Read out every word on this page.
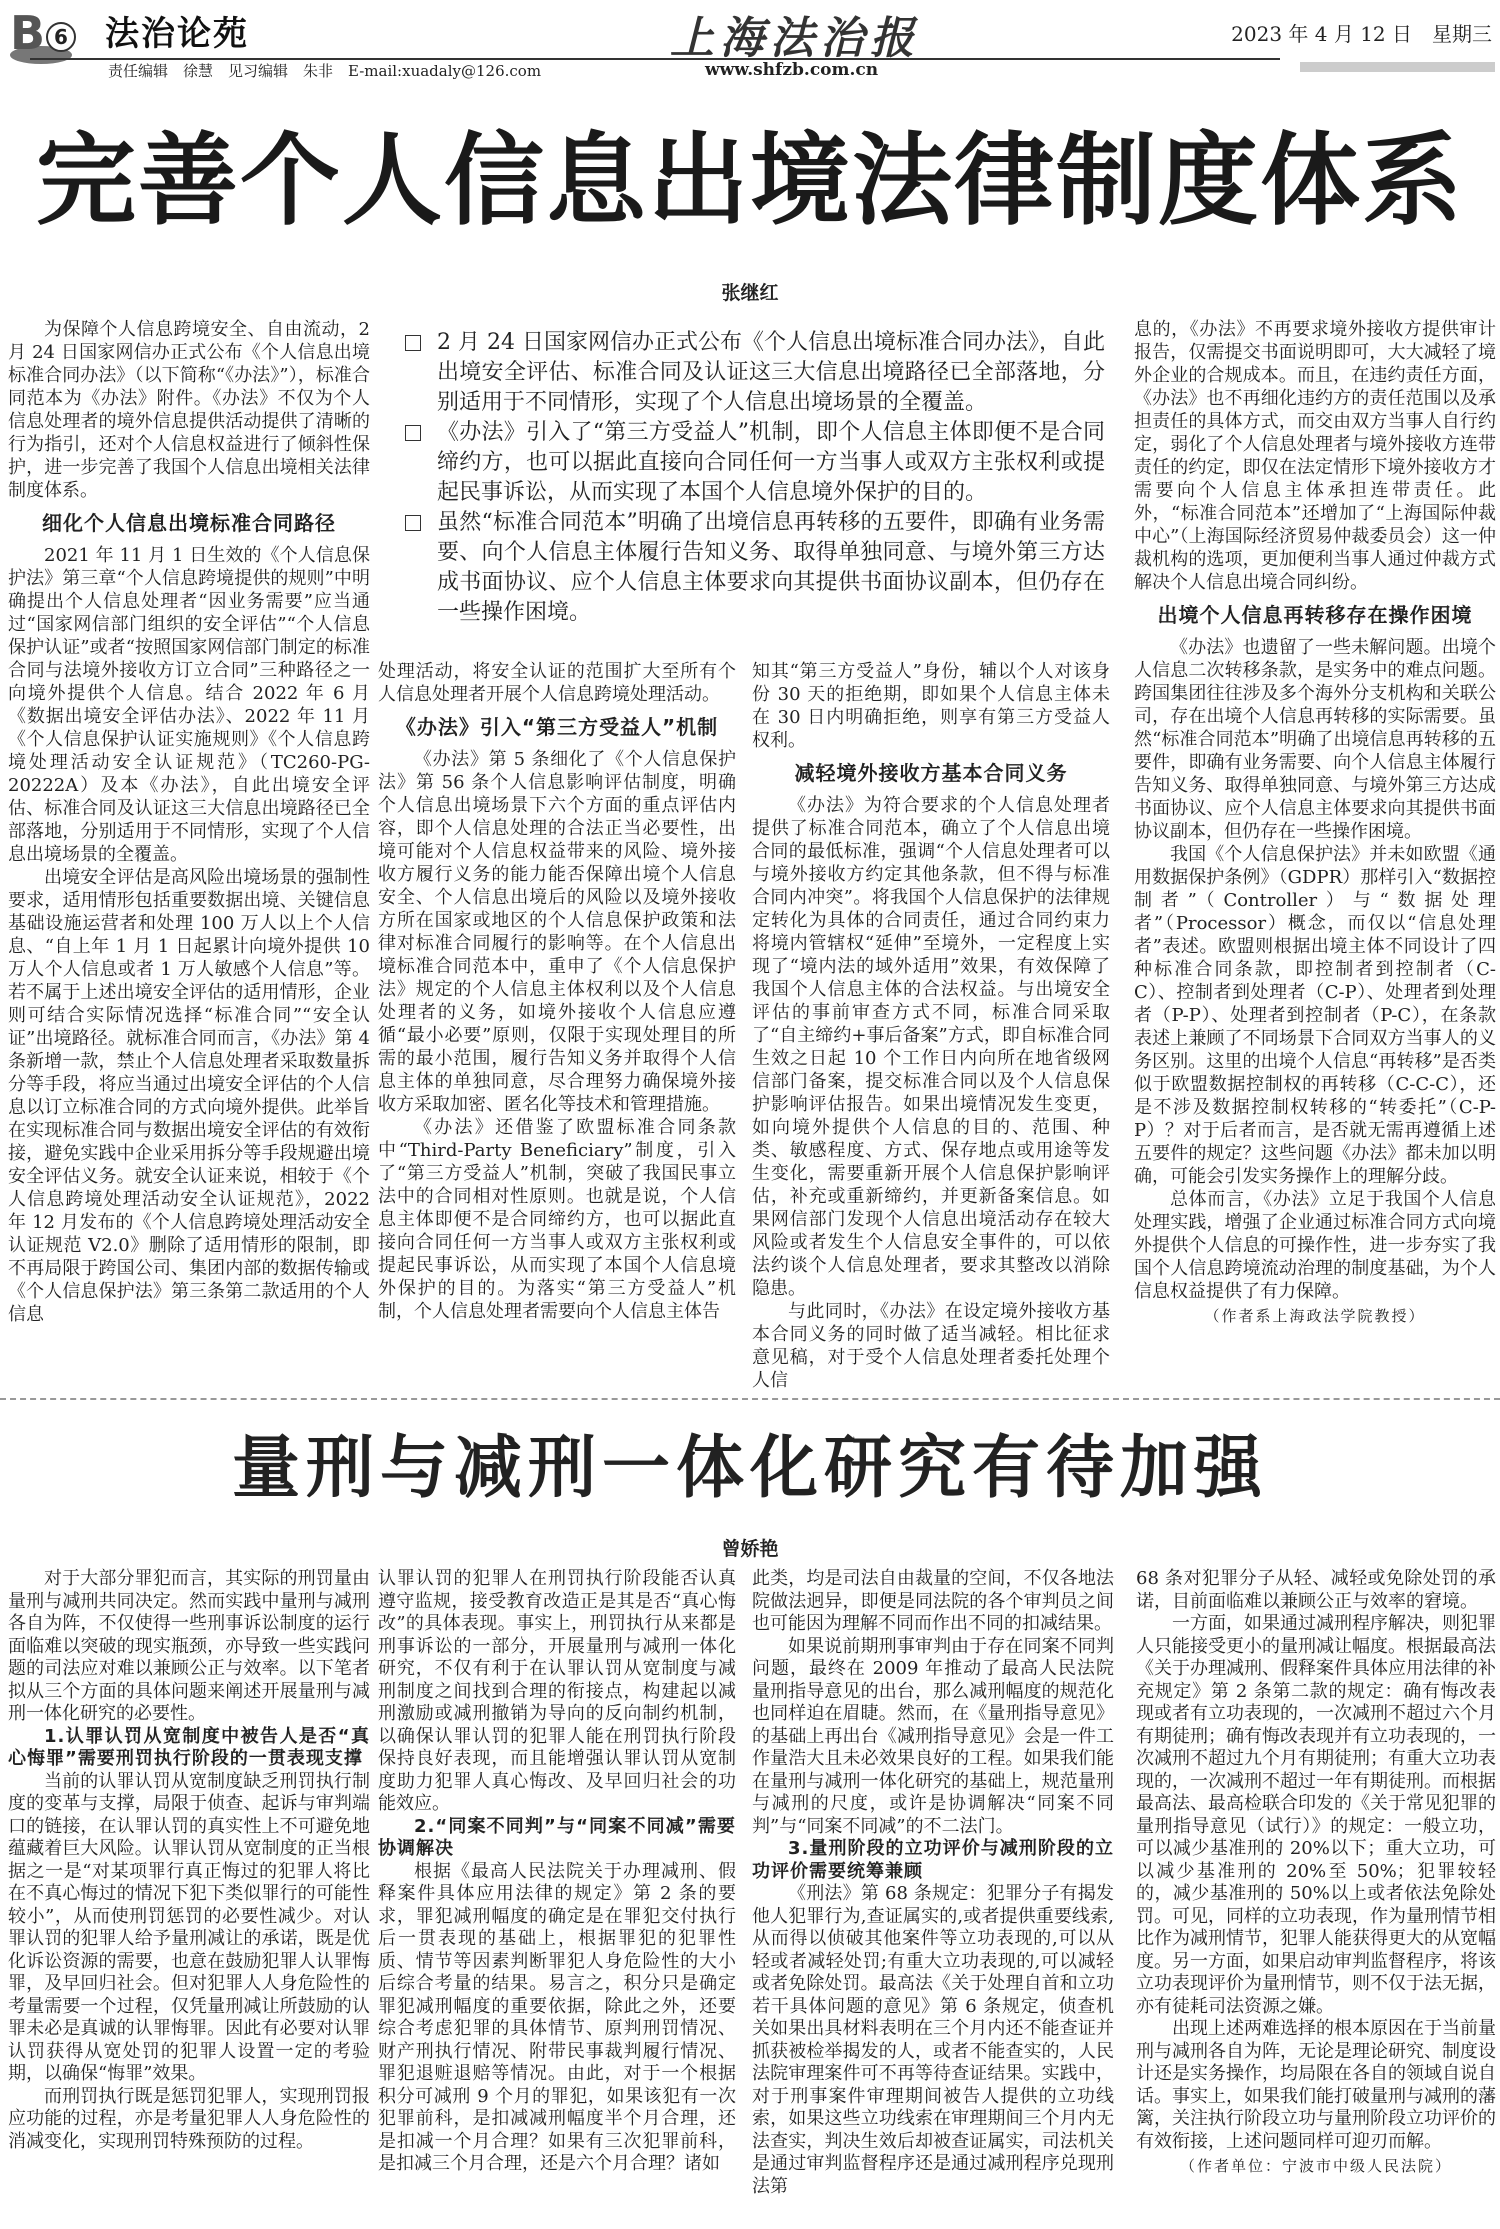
B 6 法治论苑	上海法治报	2023 年 4 月 12 日　星期三
责任编辑　徐慧　见习编辑　朱非　E-mail:xuadaly@126.com	www.shfzb.com.cn
完善个人信息出境法律制度体系
张继红

为保障个人信息跨境安全、自由流动，2 月 24 日国家网信办正式公布《个人信息出境标准合同办法》（以下简称“《办法》”），标准合同范本为《办法》附件。《办法》不仅为个人信息处理者的境外信息提供活动提供了清晰的行为指引，还对个人信息权益进行了倾斜性保护，进一步完善了我国个人信息出境相关法律制度体系。

细化个人信息出境标准合同路径

2021 年 11 月 1 日生效的《个人信息保护法》第三章“个人信息跨境提供的规则”中明确提出个人信息处理者“因业务需要”应当通过“国家网信部门组织的安全评估”“个人信息保护认证”或者“按照国家网信部门制定的标准合同与法境外接收方订立合同”三种路径之一向境外提供个人信息。结合 2022 年 6 月《数据出境安全评估办法》、2022 年 11 月《个人信息保护认证实施规则》《个人信息跨境处理活动安全认证规范》（TC260-PG-20222A）及本《办法》，自此出境安全评估、标准合同及认证这三大信息出境路径已全部落地，分别适用于不同情形，实现了个人信息出境场景的全覆盖。

出境安全评估是高风险出境场景的强制性要求，适用情形包括重要数据出境、关键信息基础设施运营者和处理 100 万人以上个人信息、“自上年 1 月 1 日起累计向境外提供 10 万人个人信息或者 1 万人敏感个人信息”等。若不属于上述出境安全评估的适用情形，企业则可结合实际情况选择“标准合同”“安全认证”出境路径。就标准合同而言，《办法》第 4 条新增一款，禁止个人信息处理者采取数量拆分等手段，将应当通过出境安全评估的个人信息以订立标准合同的方式向境外提供。此举旨在实现标准合同与数据出境安全评估的有效衔接，避免实践中企业采用拆分等手段规避出境安全评估义务。就安全认证来说，相较于《个人信息跨境处理活动安全认证规范》，2022 年 12 月发布的《个人信息跨境处理活动安全认证规范 V2.0》删除了适用情形的限制，即不再局限于跨国公司、集团内部的数据传输或《个人信息保护法》第三条第二款适用的个人信息

2 月 24 日国家网信办正式公布《个人信息出境标准合同办法》，自此出境安全评估、标准合同及认证这三大信息出境路径已全部落地，分别适用于不同情形，实现了个人信息出境场景的全覆盖。
《办法》引入了“第三方受益人”机制，即个人信息主体即便不是合同缔约方，也可以据此直接向合同任何一方当事人或双方主张权利或提起民事诉讼，从而实现了本国个人信息境外保护的目的。
虽然“标准合同范本”明确了出境信息再转移的五要件，即确有业务需要、向个人信息主体履行告知义务、取得单独同意、与境外第三方达成书面协议、应个人信息主体要求向其提供书面协议副本，但仍存在一些操作困境。

处理活动，将安全认证的范围扩大至所有个人信息处理者开展个人信息跨境处理活动。

《办法》引入“第三方受益人”机制

《办法》第 5 条细化了《个人信息保护法》第 56 条个人信息影响评估制度，明确个人信息出境场景下六个方面的重点评估内容，即个人信息处理的合法正当必要性，出境可能对个人信息权益带来的风险、境外接收方履行义务的能力能否保障出境个人信息安全、个人信息出境后的风险以及境外接收方所在国家或地区的个人信息保护政策和法律对标准合同履行的影响等。在个人信息出境标准合同范本中，重申了《个人信息保护法》规定的个人信息主体权利以及个人信息处理者的义务，如境外接收个人信息应遵循“最小必要”原则，仅限于实现处理目的所需的最小范围，履行告知义务并取得个人信息主体的单独同意，尽合理努力确保境外接收方采取加密、匿名化等技术和管理措施。

《办法》还借鉴了欧盟标准合同条款中“Third-Party Beneficiary”制度，引入了“第三方受益人”机制，突破了我国民事立法中的合同相对性原则。也就是说，个人信息主体即便不是合同缔约方，也可以据此直接向合同任何一方当事人或双方主张权利或提起民事诉讼，从而实现了本国个人信息境外保护的目的。为落实“第三方受益人”机制，个人信息处理者需要向个人信息主体告

知其“第三方受益人”身份，辅以个人对该身份 30 天的拒绝期，即如果个人信息主体未在 30 日内明确拒绝，则享有第三方受益人权利。

减轻境外接收方基本合同义务

《办法》为符合要求的个人信息处理者提供了标准合同范本，确立了个人信息出境合同的最低标准，强调“个人信息处理者可以与境外接收方约定其他条款，但不得与标准合同内冲突”。将我国个人信息保护的法律规定转化为具体的合同责任，通过合同约束力将境内管辖权“延伸”至境外，一定程度上实现了“境内法的域外适用”效果，有效保障了我国个人信息主体的合法权益。与出境安全评估的事前审查方式不同，标准合同采取了“自主缔约+事后备案”方式，即自标准合同生效之日起 10 个工作日内向所在地省级网信部门备案，提交标准合同以及个人信息保护影响评估报告。如果出境情况发生变更，如向境外提供个人信息的目的、范围、种类、敏感程度、方式、保存地点或用途等发生变化，需要重新开展个人信息保护影响评估，补充或重新缔约，并更新备案信息。如果网信部门发现个人信息出境活动存在较大风险或者发生个人信息安全事件的，可以依法约谈个人信息处理者，要求其整改以消除隐患。

与此同时，《办法》在设定境外接收方基本合同义务的同时做了适当减轻。相比征求意见稿，对于受个人信息处理者委托处理个人信

息的，《办法》不再要求境外接收方提供审计报告，仅需提交书面说明即可，大大减轻了境外企业的合规成本。而且，在违约责任方面，《办法》也不再细化违约方的责任范围以及承担责任的具体方式，而交由双方当事人自行约定，弱化了个人信息处理者与境外接收方连带责任的约定，即仅在法定情形下境外接收方才需要向个人信息主体承担连带责任。此外，“标准合同范本”还增加了“上海国际仲裁中心”（上海国际经济贸易仲裁委员会）这一仲裁机构的选项，更加便利当事人通过仲裁方式解决个人信息出境合同纠纷。

出境个人信息再转移存在操作困境

《办法》也遗留了一些未解问题。出境个人信息二次转移条款，是实务中的难点问题。跨国集团往往涉及多个海外分支机构和关联公司，存在出境个人信息再转移的实际需要。虽然“标准合同范本”明确了出境信息再转移的五要件，即确有业务需要、向个人信息主体履行告知义务、取得单独同意、与境外第三方达成书面协议、应个人信息主体要求向其提供书面协议副本，但仍存在一些操作困境。

我国《个人信息保护法》并未如欧盟《通用数据保护条例》（GDPR）那样引入“数据控制者”（Controller）与“数据处理者”（Processor）概念，而仅以“信息处理者”表述。欧盟则根据出境主体不同设计了四种标准合同条款，即控制者到控制者（C-C）、控制者到处理者（C-P）、处理者到处理者（P-P）、处理者到控制者（P-C），在条款表述上兼顾了不同场景下合同双方当事人的义务区别。这里的出境个人信息“再转移”是否类似于欧盟数据控制权的再转移（C-C-C），还是不涉及数据控制权转移的“转委托”（C-P-P）？对于后者而言，是否就无需再遵循上述五要件的规定？这些问题《办法》都未加以明确，可能会引发实务操作上的理解分歧。

总体而言，《办法》立足于我国个人信息处理实践，增强了企业通过标准合同方式向境外提供个人信息的可操作性，进一步夯实了我国个人信息跨境流动治理的制度基础，为个人信息权益提供了有力保障。

（作者系上海政法学院教授）
量刑与减刑一体化研究有待加强
曾娇艳

对于大部分罪犯而言，其实际的刑罚量由量刑与减刑共同决定。然而实践中量刑与减刑各自为阵，不仅使得一些刑事诉讼制度的运行面临难以突破的现实瓶颈，亦导致一些实践问题的司法应对难以兼顾公正与效率。以下笔者拟从三个方面的具体问题来阐述开展量刑与减刑一体化研究的必要性。

1.认罪认罚从宽制度中被告人是否“真心悔罪”需要刑罚执行阶段的一贯表现支撑

当前的认罪认罚从宽制度缺乏刑罚执行制度的变革与支撑，局限于侦查、起诉与审判端口的链接，在认罪认罚的真实性上不可避免地蕴藏着巨大风险。认罪认罚从宽制度的正当根据之一是“对某项罪行真正悔过的犯罪人将比在不真心悔过的情况下犯下类似罪行的可能性较小”，从而使刑罚惩罚的必要性减少。对认罪认罚的犯罪人给予量刑减让的承诺，既是优化诉讼资源的需要，也意在鼓励犯罪人认罪悔罪，及早回归社会。但对犯罪人人身危险性的考量需要一个过程，仅凭量刑减让所鼓励的认罪未必是真诚的认罪悔罪。因此有必要对认罪认罚获得从宽处罚的犯罪人设置一定的考验期，以确保“悔罪”效果。

而刑罚执行既是惩罚犯罪人，实现刑罚报应功能的过程，亦是考量犯罪人人身危险性的消减变化，实现刑罚特殊预防的过程。

认罪认罚的犯罪人在刑罚执行阶段能否认真遵守监规，接受教育改造正是其是否“真心悔改”的具体表现。事实上，刑罚执行从来都是刑事诉讼的一部分，开展量刑与减刑一体化研究，不仅有利于在认罪认罚从宽制度与减刑制度之间找到合理的衔接点，构建起以减刑激励或减刑撤销为导向的反向制约机制，以确保认罪认罚的犯罪人能在刑罚执行阶段保持良好表现，而且能增强认罪认罚从宽制度助力犯罪人真心悔改、及早回归社会的功能效应。

2.“同案不同判”与“同案不同减”需要协调解决

根据《最高人民法院关于办理减刑、假释案件具体应用法律的规定》第 2 条的要求，罪犯减刑幅度的确定是在罪犯交付执行后一贯表现的基础上，根据罪犯的犯罪性质、情节等因素判断罪犯人身危险性的大小后综合考量的结果。易言之，积分只是确定罪犯减刑幅度的重要依据，除此之外，还要综合考虑犯罪的具体情节、原判刑罚情况、财产刑执行情况、附带民事裁判履行情况、罪犯退赃退赔等情况。由此，对于一个根据积分可减刑 9 个月的罪犯，如果该犯有一次犯罪前科，是扣减减刑幅度半个月合理，还是扣减一个月合理？如果有三次犯罪前科，是扣减三个月合理，还是六个月合理？诸如

此类，均是司法自由裁量的空间，不仅各地法院做法迥异，即便是同法院的各个审判员之间也可能因为理解不同而作出不同的扣减结果。

如果说前期刑事审判由于存在同案不同判问题，最终在 2009 年推动了最高人民法院量刑指导意见的出台，那么减刑幅度的规范化也同样迫在眉睫。然而，在《量刑指导意见》的基础上再出台《减刑指导意见》会是一件工作量浩大且未必效果良好的工程。如果我们能在量刑与减刑一体化研究的基础上，规范量刑与减刑的尺度，或许是协调解决“同案不同判”与“同案不同减”的不二法门。

3.量刑阶段的立功评价与减刑阶段的立功评价需要统筹兼顾

《刑法》第 68 条规定：犯罪分子有揭发他人犯罪行为,查证属实的,或者提供重要线索,从而得以侦破其他案件等立功表现的,可以从轻或者减轻处罚;有重大立功表现的,可以减轻或者免除处罚。最高法《关于处理自首和立功若干具体问题的意见》第 6 条规定，侦查机关如果出具材料表明在三个月内还不能查证并抓获被检举揭发的人，或者不能查实的，人民法院审理案件可不再等待查证结果。实践中，对于刑事案件审理期间被告人提供的立功线索，如果这些立功线索在审理期间三个月内无法查实，判决生效后却被查证属实，司法机关是通过审判监督程序还是通过减刑程序兑现刑法第

68 条对犯罪分子从轻、减轻或免除处罚的承诺，目前面临难以兼顾公正与效率的窘境。

一方面，如果通过减刑程序解决，则犯罪人只能接受更小的量刑减让幅度。根据最高法《关于办理减刑、假释案件具体应用法律的补充规定》第 2 条第二款的规定：确有悔改表现或者有立功表现的，一次减刑不超过六个月有期徒刑；确有悔改表现并有立功表现的，一次减刑不超过九个月有期徒刑；有重大立功表现的，一次减刑不超过一年有期徒刑。而根据最高法、最高检联合印发的《关于常见犯罪的量刑指导意见（试行）》的规定：一般立功，可以减少基准刑的 20%以下；重大立功，可以减少基准刑的 20%至 50%；犯罪较轻的，减少基准刑的 50%以上或者依法免除处罚。可见，同样的立功表现，作为量刑情节相比作为减刑情节，犯罪人能获得更大的从宽幅度。另一方面，如果启动审判监督程序，将该立功表现评价为量刑情节，则不仅于法无据，亦有徒耗司法资源之嫌。

出现上述两难选择的根本原因在于当前量刑与减刑各自为阵，无论是理论研究、制度设计还是实务操作，均局限在各自的领域自说自话。事实上，如果我们能打破量刑与减刑的藩篱，关注执行阶段立功与量刑阶段立功评价的有效衔接，上述问题同样可迎刃而解。

（作者单位：宁波市中级人民法院）
